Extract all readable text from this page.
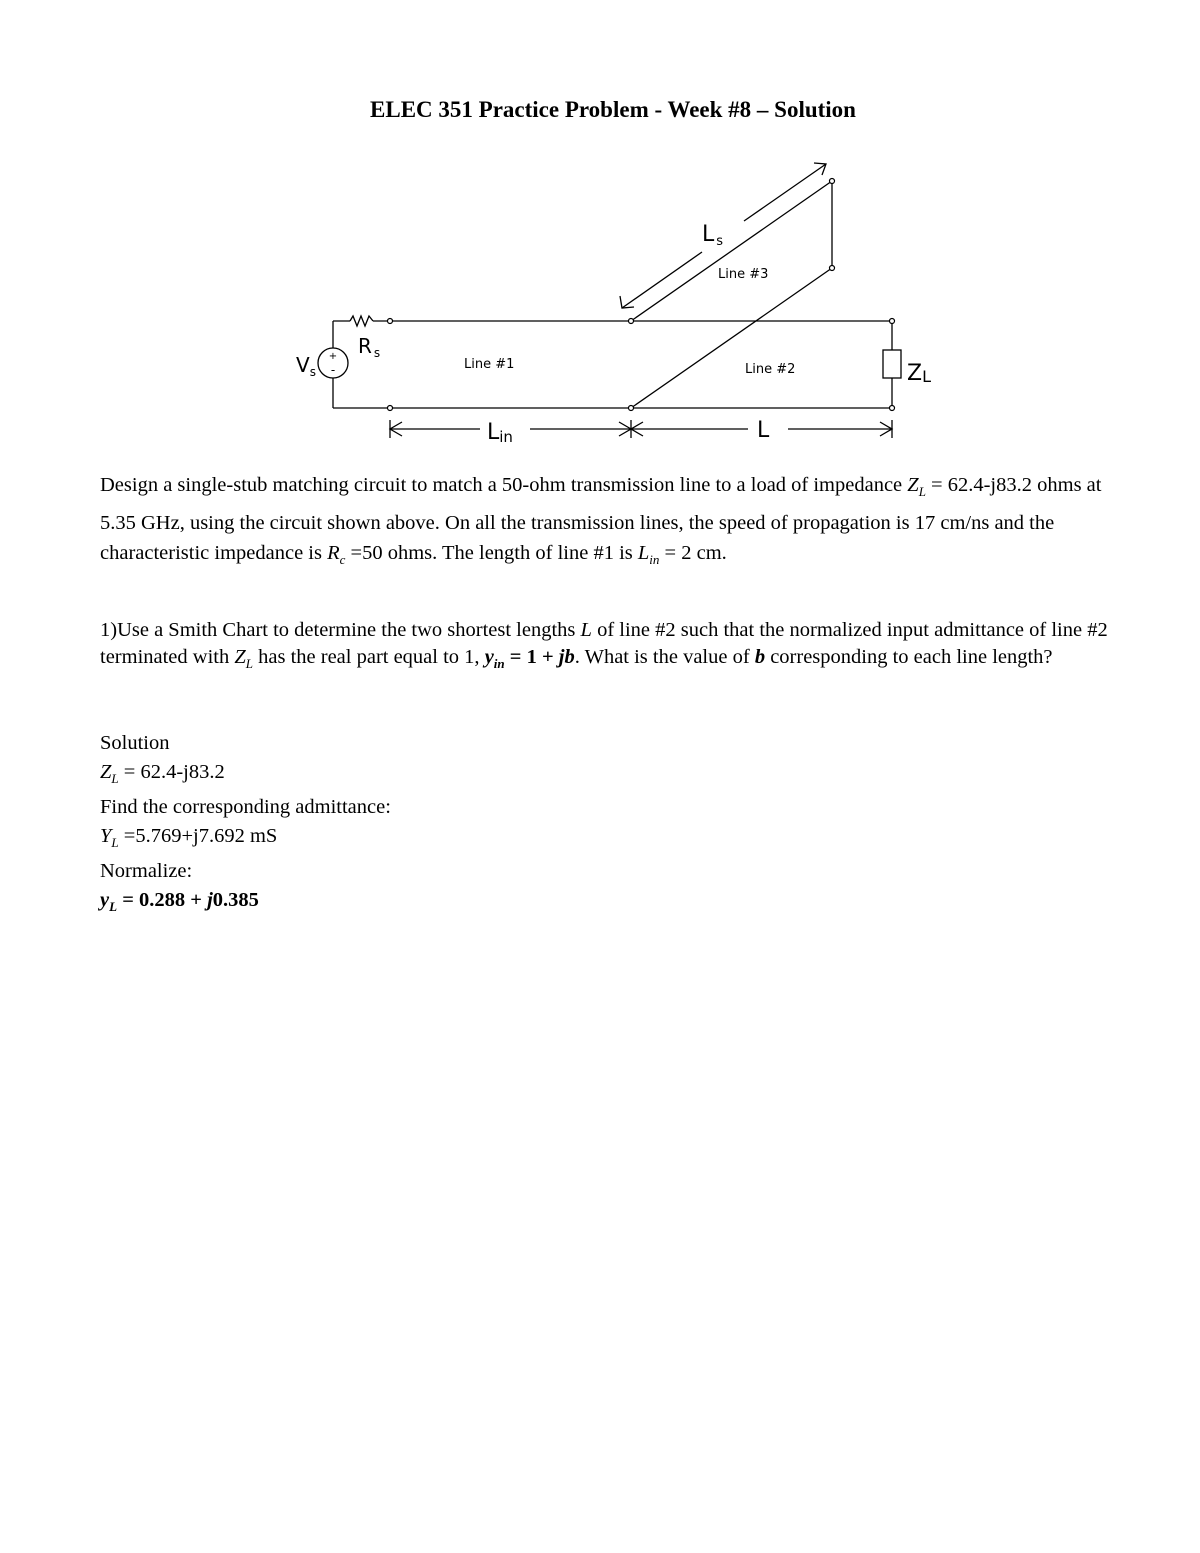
ELEC 351 Practice Problem - Week #8 – Solution
+
-
$V_s$
R $_s$
Line #1	Line #2
Line #3
Ls
Lin	L
ZL
Design a single-stub matching circuit to match a 50-ohm transmission line to a load of impedance $Z_L = 62.4-j83.2$ ohms at 5.35 GHz, using the circuit shown above. On all the transmission lines, the speed of propagation is 17 cm/ns and the characteristic impedance is $R_c =50$ ohms. The length of line #1 is $L_{in} = 2$ cm.
1)Use a Smith Chart to determine the two shortest lengths L of line #2 such that the normalized input admittance of line #2 terminated with $Z_L$ has the real part equal to 1, $y_{in} = 1$ + jb. What is the value of b corresponding to each line length?
Solution
$Z_L = 62.4-j83.2$
Find the corresponding admittance:
$Y_L =5.769+j7.692$ mS
Normalize:
$y_L = 0.288 + j0.385$
